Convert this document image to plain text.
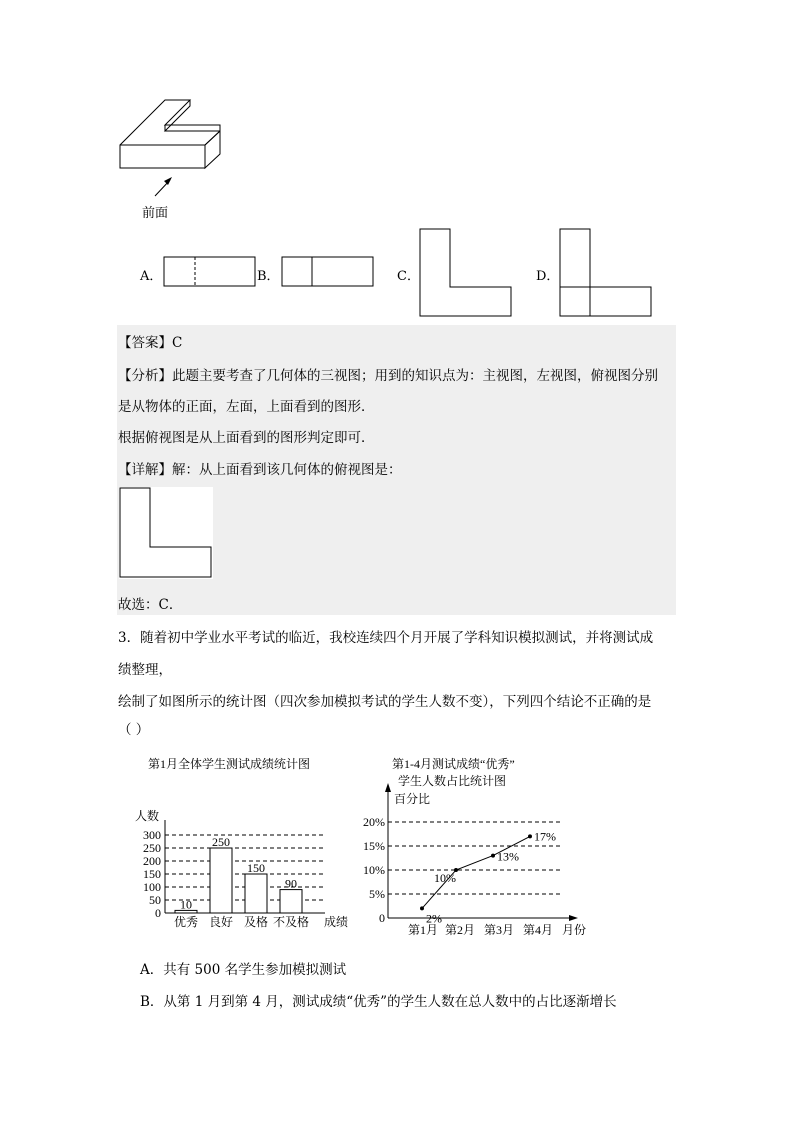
前面
A．	B．	C．	D．
【答案】C
【分析】此题主要考查了几何体的三视图；用到的知识点为：主视图，左视图，俯视图分别
是从物体的正面，左面，上面看到的图形．
根据俯视图是从上面看到的图形判定即可．
【详解】解：从上面看到该几何体的俯视图是：
故选：C．
3．随着初中学业水平考试的临近，我校连续四个月开展了学科知识模拟测试，并将测试成
绩整理，
绘制了如图所示的统计图（四次参加模拟考试的学生人数不变），下列四个结论不正确的是
（ ）
第1月全体学生测试成绩统计图
人数
成绩
0
50
100
150
200
250
300
10
250
150
90
优秀 良好 及格 不及格
第1-4月测试成绩“优秀”
学生人数占比统计图
百分比
月份
0
5%
10%
15%
20%
2%
10%
13%
17%
第1月 第2月 第3月 第4月
A．共有 500 名学生参加模拟测试
B．从第 1 月到第 4 月，测试成绩“优秀”的学生人数在总人数中的占比逐渐增长
